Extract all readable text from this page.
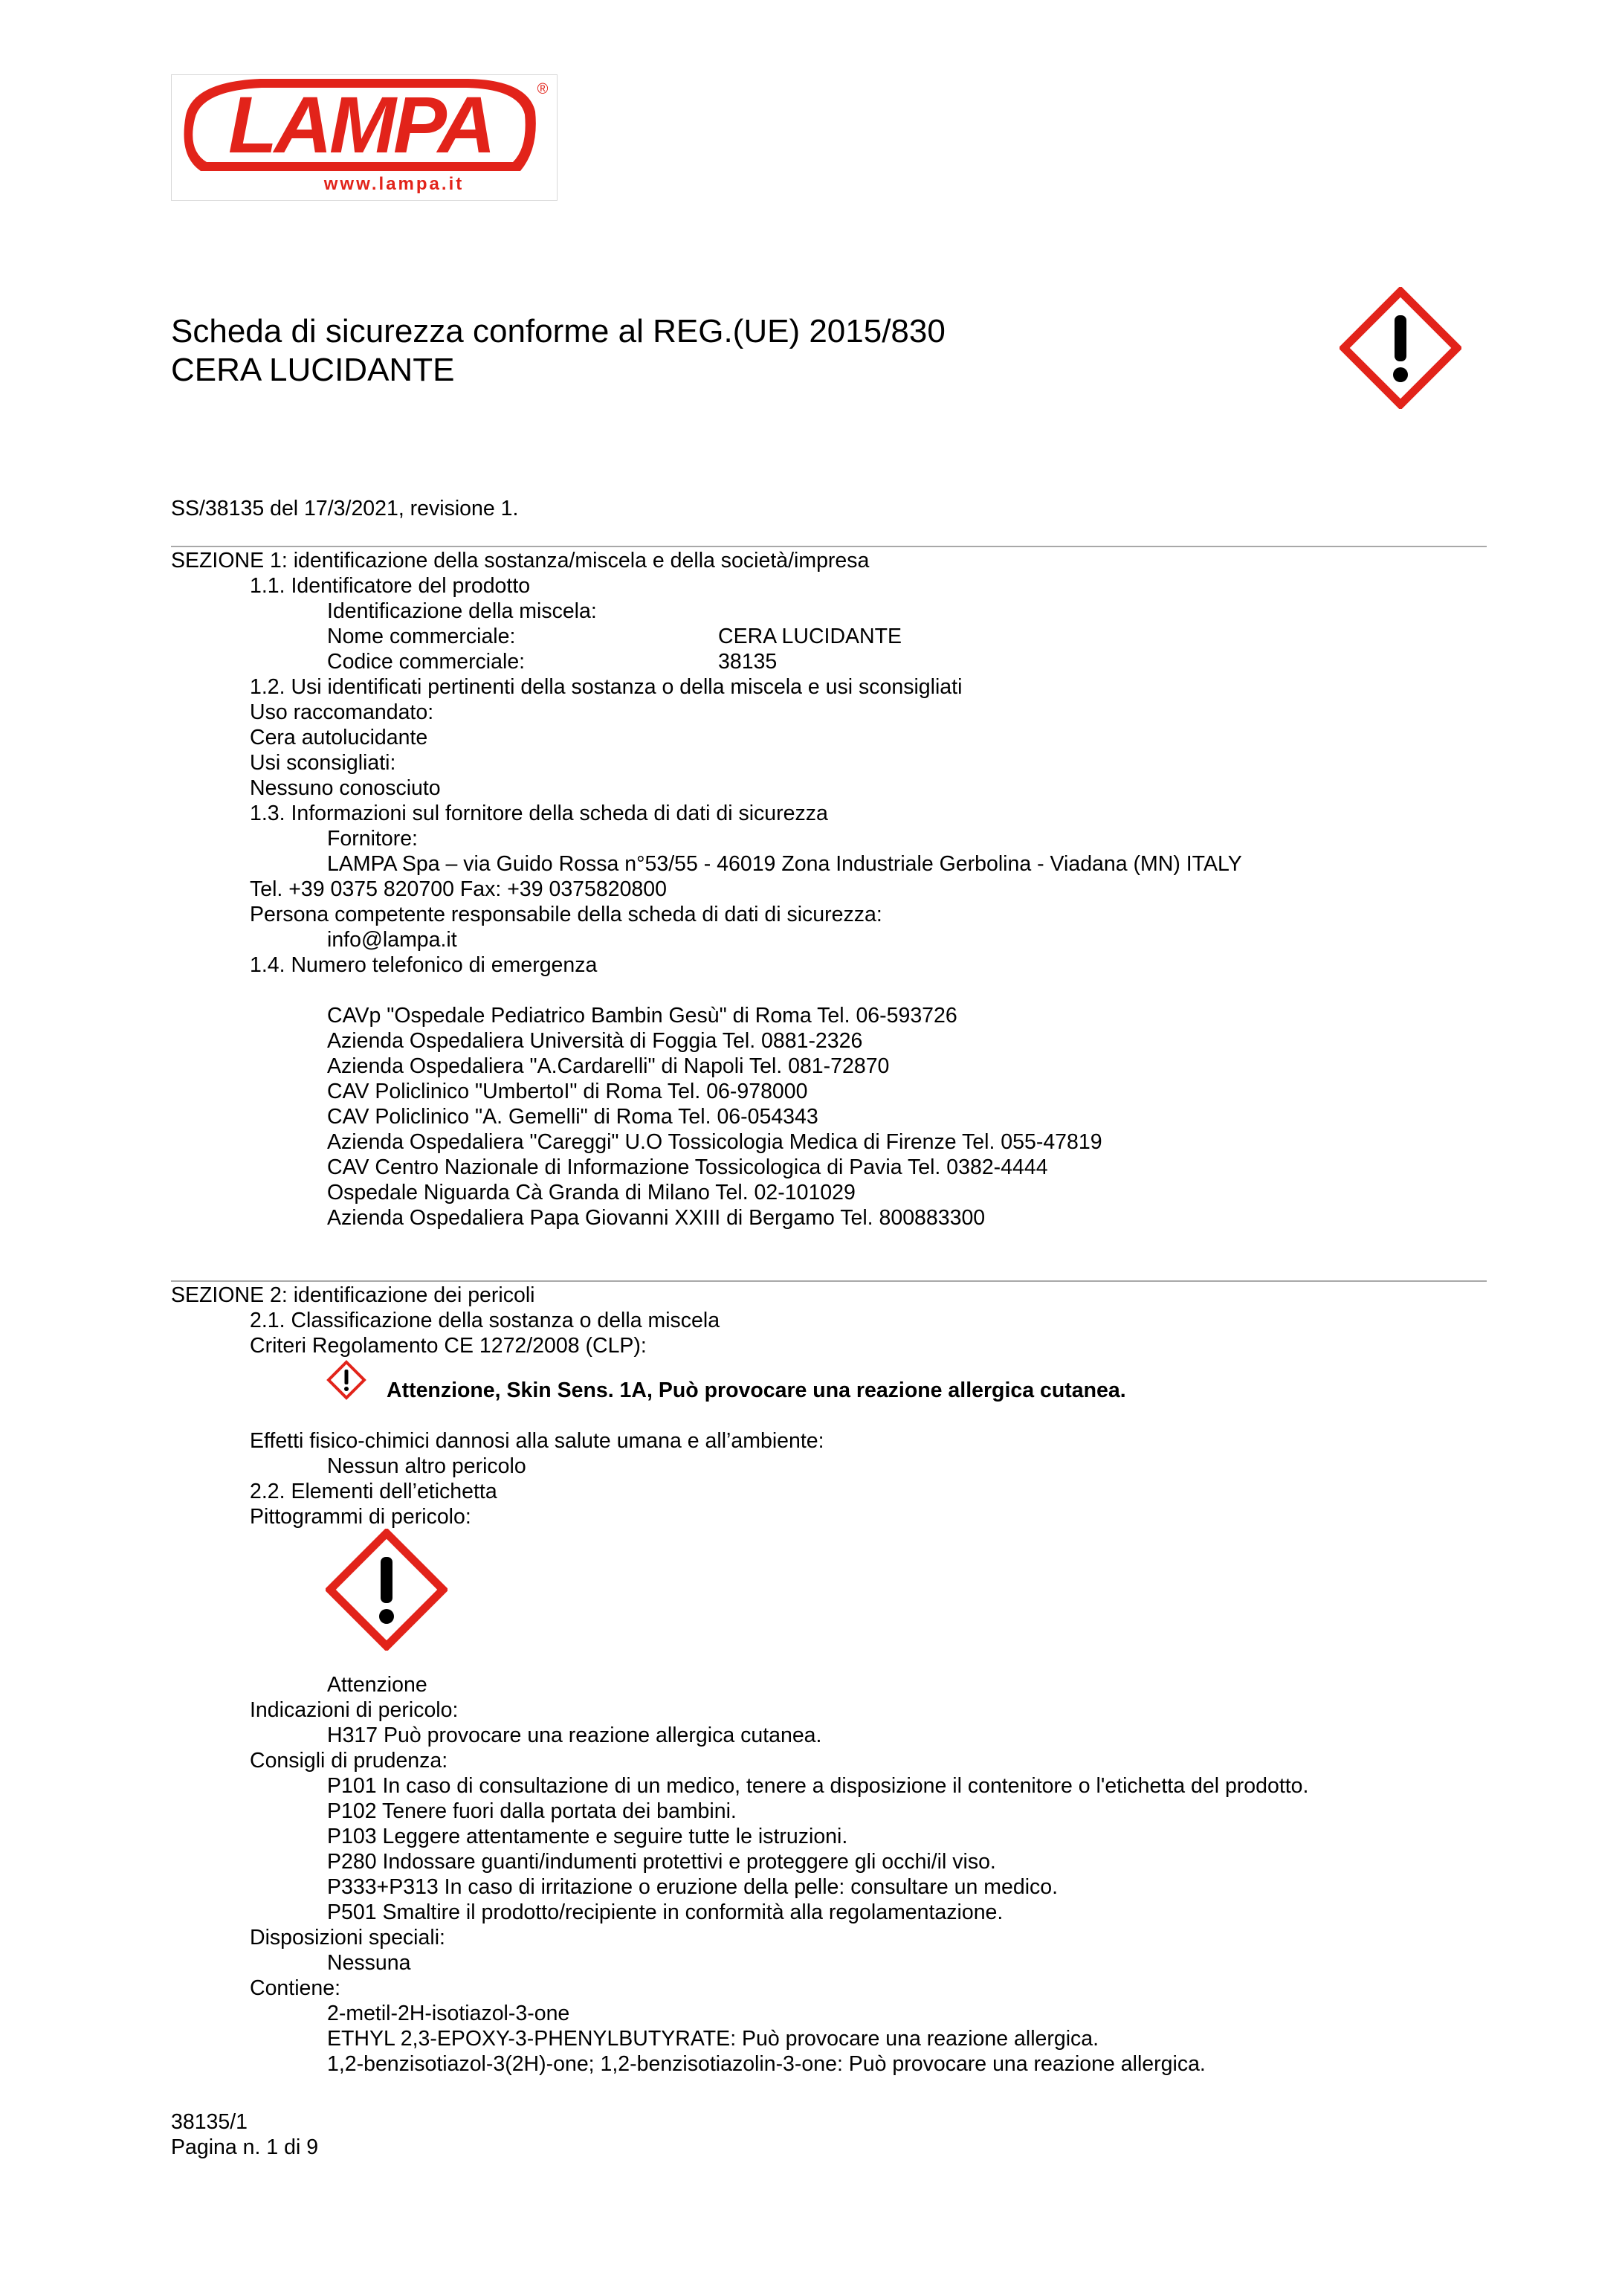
LAMPA	®
www.lampa.it
Scheda di sicurezza conforme al REG.(UE) 2015/830
CERA LUCIDANTE
SS/38135 del 17/3/2021, revisione 1.
SEZIONE 1: identificazione della sostanza/miscela e della società/impresa
1.1. Identificatore del prodotto
Identificazione della miscela:
Nome commerciale:	CERA LUCIDANTE
Codice commerciale:	38135
1.2. Usi identificati pertinenti della sostanza o della miscela e usi sconsigliati
Uso raccomandato:
Cera autolucidante
Usi sconsigliati:
Nessuno conosciuto
1.3. Informazioni sul fornitore della scheda di dati di sicurezza
Fornitore:
LAMPA Spa – via Guido Rossa n°53/55 - 46019 Zona Industriale Gerbolina - Viadana (MN) ITALY
Tel. +39 0375 820700 Fax: +39 0375820800
Persona competente responsabile della scheda di dati di sicurezza:
info@lampa.it
1.4. Numero telefonico di emergenza
CAVp "Ospedale Pediatrico Bambin Gesù" di Roma Tel. 06-593726
Azienda Ospedaliera Università di Foggia Tel. 0881-2326
Azienda Ospedaliera "A.Cardarelli" di Napoli Tel. 081-72870
CAV Policlinico "UmbertoI" di Roma Tel. 06-978000
CAV Policlinico "A. Gemelli" di Roma Tel. 06-054343
Azienda Ospedaliera "Careggi" U.O Tossicologia Medica di Firenze Tel. 055-47819
CAV Centro Nazionale di Informazione Tossicologica di Pavia Tel. 0382-4444
Ospedale Niguarda Cà Granda di Milano Tel. 02-101029
Azienda Ospedaliera Papa Giovanni XXIII di Bergamo Tel. 800883300
SEZIONE 2: identificazione dei pericoli
2.1. Classificazione della sostanza o della miscela
Criteri Regolamento CE 1272/2008 (CLP):
Attenzione, Skin Sens. 1A, Può provocare una reazione allergica cutanea.
Effetti fisico-chimici dannosi alla salute umana e all’ambiente:
Nessun altro pericolo
2.2. Elementi dell’etichetta
Pittogrammi di pericolo:
Attenzione
Indicazioni di pericolo:
H317 Può provocare una reazione allergica cutanea.
Consigli di prudenza:
P101 In caso di consultazione di un medico, tenere a disposizione il contenitore o l'etichetta del prodotto.
P102 Tenere fuori dalla portata dei bambini.
P103 Leggere attentamente e seguire tutte le istruzioni.
P280 Indossare guanti/indumenti protettivi e proteggere gli occhi/il viso.
P333+P313 In caso di irritazione o eruzione della pelle: consultare un medico.
P501 Smaltire il prodotto/recipiente in conformità alla regolamentazione.
Disposizioni speciali:
Nessuna
Contiene:
2-metil-2H-isotiazol-3-one
ETHYL 2,3-EPOXY-3-PHENYLBUTYRATE: Può provocare una reazione allergica.
1,2-benzisotiazol-3(2H)-one; 1,2-benzisotiazolin-3-one: Può provocare una reazione allergica.
38135/1
Pagina n. 1 di 9
